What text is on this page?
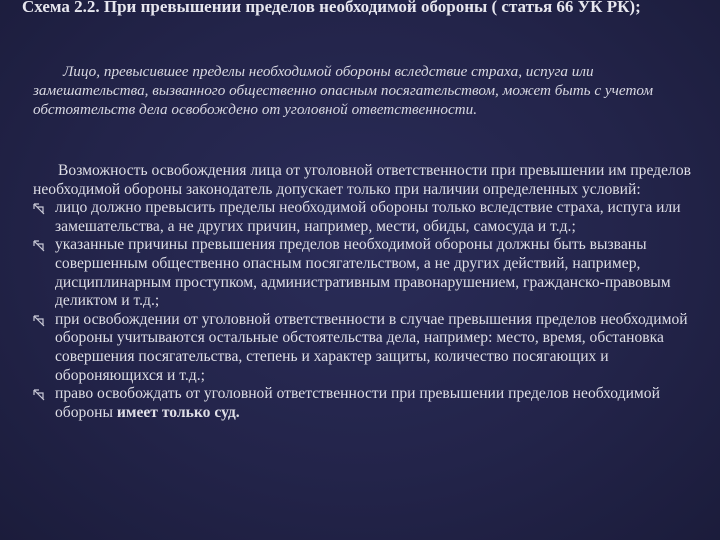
Схема 2.2. При превышении пределов необходимой обороны ( статья 66 УК РК);

Лицо, превысившее пределы необходимой обороны вследствие страха, испуга или замешательства, вызванного общественно опасным посягательством, может быть с учетом обстоятельств дела освобождено от уголовной ответственности.

Возможность освобождения лица от уголовной ответственности при превышении им пределов необходимой обороны законодатель допускает только при наличии определенных условий:

лицо должно превысить пределы необходимой обороны только вследствие страха, испуга или замешательства, а не других причин, например, мести, обиды, самосуда и т.д.;
указанные причины превышения пределов необходимой обороны должны быть вызваны совершенным общественно опасным посягательством, а не других действий, например, дисциплинарным проступком, административным правонарушением, гражданско-правовым деликтом и т.д.;
при освобождении от уголовной ответственности в случае превышения пределов необходимой обороны учитываются остальные обстоятельства дела, например: место, время, обстановка совершения посягательства, степень и характер защиты, количество посягающих и обороняющихся и т.д.;
право освобождать от уголовной ответственности при превышении пределов необходимой обороны имеет только суд.
